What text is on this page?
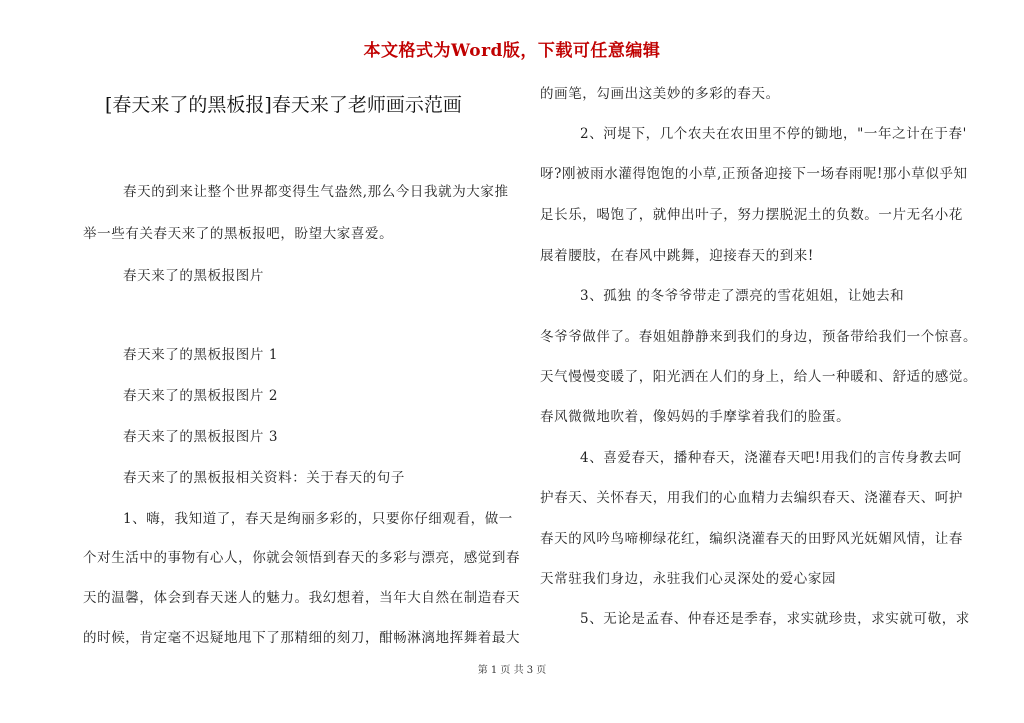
本文格式为Word版，下载可任意编辑
[春天来了的黑板报]春天来了老师画示范画
春天的到来让整个世界都变得生气盎然,那么今日我就为大家推
举一些有关春天来了的黑板报吧，盼望大家喜爱。
春天来了的黑板报图片
春天来了的黑板报图片 1
春天来了的黑板报图片 2
春天来了的黑板报图片 3
春天来了的黑板报相关资料：关于春天的句子
1、嗨，我知道了，春天是绚丽多彩的，只要你仔细观看，做一
个对生活中的事物有心人，你就会领悟到春天的多彩与漂亮，感觉到春
天的温馨，体会到春天迷人的魅力。我幻想着，当年大自然在制造春天
的时候，肯定毫不迟疑地甩下了那精细的刻刀，酣畅淋漓地挥舞着最大
的画笔，勾画出这美妙的多彩的春天。
2、河堤下，几个农夫在农田里不停的锄地，"一年之计在于春'
呀?刚被雨水灌得饱饱的小草,正预备迎接下一场春雨呢!那小草似乎知
足长乐，喝饱了，就伸出叶子，努力摆脱泥土的负数。一片无名小花
展着腰肢，在春风中跳舞，迎接春天的到来!
3、孤独 的冬爷爷带走了漂亮的雪花姐姐，让她去和
冬爷爷做伴了。春姐姐静静来到我们的身边，预备带给我们一个惊喜。
天气慢慢变暖了，阳光洒在人们的身上，给人一种暖和、舒适的感觉。
春风微微地吹着，像妈妈的手摩挲着我们的脸蛋。
4、喜爱春天，播种春天，浇灌春天吧!用我们的言传身教去呵
护春天、关怀春天，用我们的心血精力去编织春天、浇灌春天、呵护
春天的风吟鸟啼柳绿花红，编织浇灌春天的田野风光妩媚风情，让春
天常驻我们身边，永驻我们心灵深处的爱心家园
5、无论是孟春、仲春还是季春，求实就珍贵，求实就可敬，求
第 1 页 共 3 页
